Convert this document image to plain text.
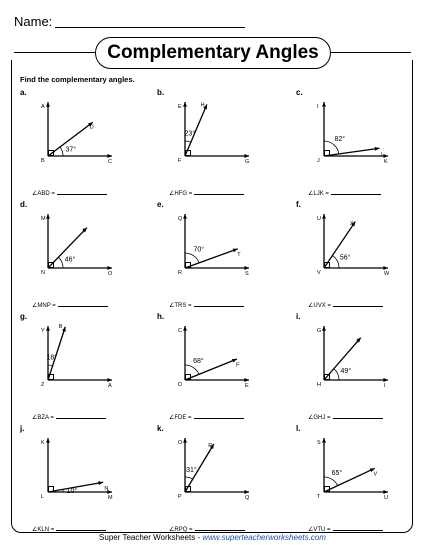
Name:
Complementary Angles
Find the complementary angles.
a.
37°
A
B	C
D
∠ABD =
b.
23°
E
F	G
H
∠HFG =
c.
82°
I
J	K
L
∠LJK =
d.
46°
M
N	O
P
∠MNP =
e.
70°
Q
R	S
T
∠TRS =
f.
56°
U
V	W
X
∠UVX =
g.
18°
Y
Z	A
B
∠BZA =
h.
68°
C
D	E
F
∠FDE =
i.
49°
G
H	I
J
∠GHJ =
j.
10°
K
L	M
N
∠KLN =
k.
31°
O
P	Q
R
∠RPQ =
l.
65°
S
T	U
V
∠VTU =
Super Teacher Worksheets - www.superteacherworksheets.com
